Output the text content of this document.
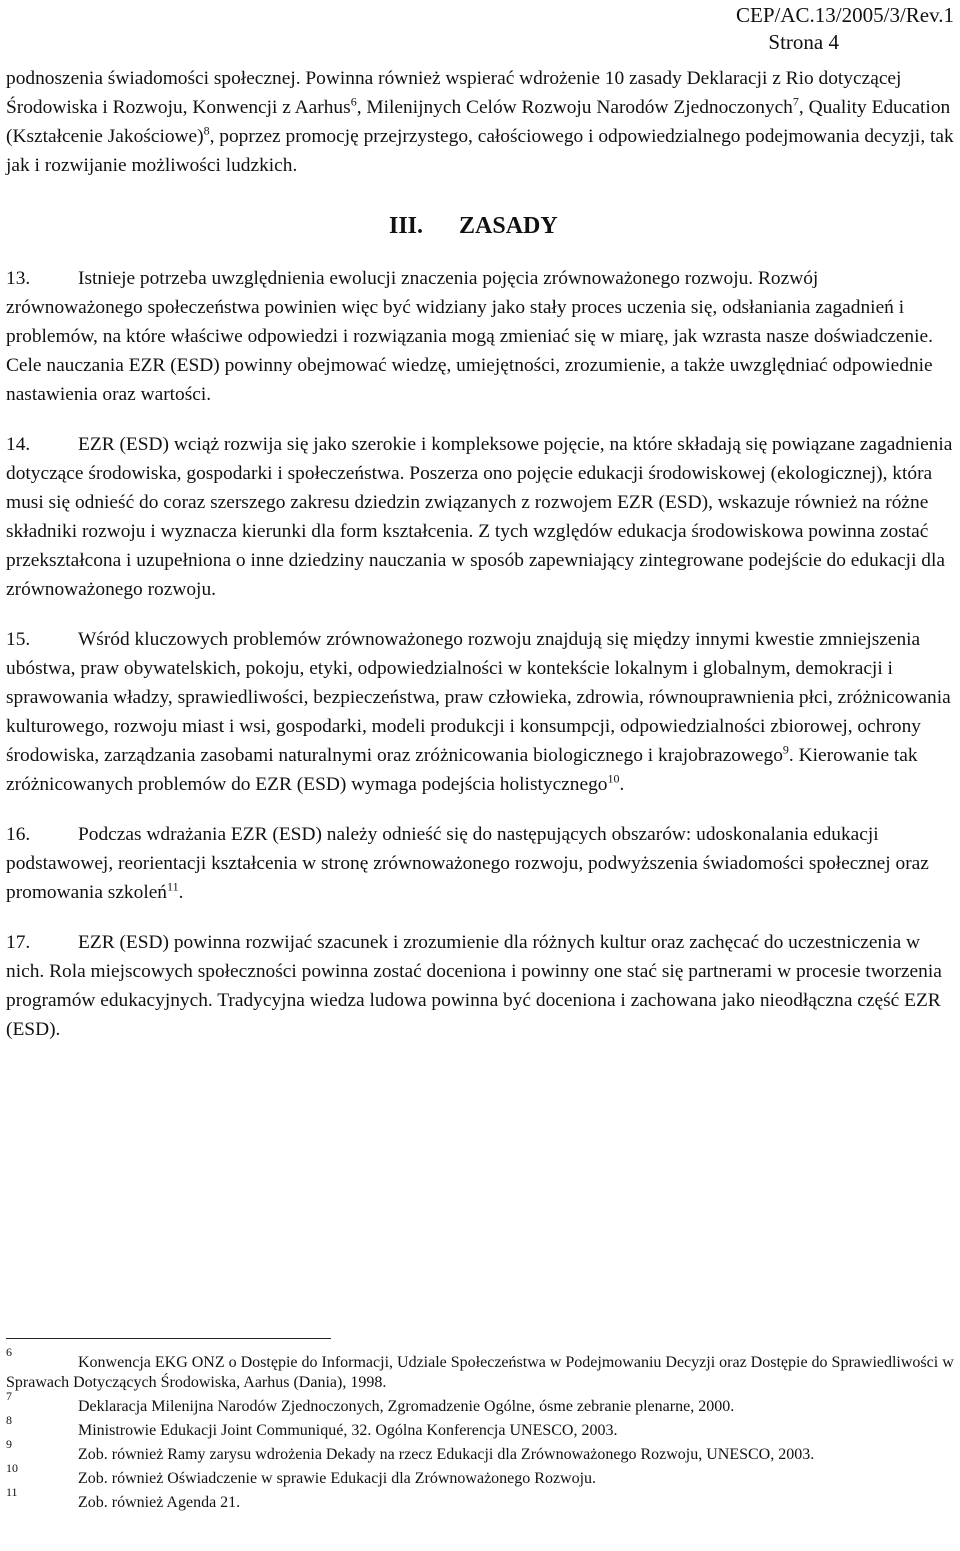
CEP/AC.13/2005/3/Rev.1
Strona 4

podnoszenia świadomości społecznej. Powinna również wspierać wdrożenie 10 zasady Deklaracji z Rio dotyczącej Środowiska i Rozwoju, Konwencji z Aarhus$^6$, Milenijnych Celów Rozwoju Narodów Zjednoczonych$^7$, Quality Education (Kształcenie Jakościowe)$^8$, poprzez promocję przejrzystego, całościowego i odpowiedzialnego podejmowania decyzji, tak jak i rozwijanie możliwości ludzkich.

III. ZASADY

13. Istnieje potrzeba uwzględnienia ewolucji znaczenia pojęcia zrównoważonego rozwoju. Rozwój zrównoważonego społeczeństwa powinien więc być widziany jako stały proces uczenia się, odsłaniania zagadnień i problemów, na które właściwe odpowiedzi i rozwiązania mogą zmieniać się w miarę, jak wzrasta nasze doświadczenie. Cele nauczania EZR (ESD) powinny obejmować wiedzę, umiejętności, zrozumienie, a także uwzględniać odpowiednie nastawienia oraz wartości.

14. EZR (ESD) wciąż rozwija się jako szerokie i kompleksowe pojęcie, na które składają się powiązane zagadnienia dotyczące środowiska, gospodarki i społeczeństwa. Poszerza ono pojęcie edukacji środowiskowej (ekologicznej), która musi się odnieść do coraz szerszego zakresu dziedzin związanych z rozwojem EZR (ESD), wskazuje również na różne składniki rozwoju i wyznacza kierunki dla form kształcenia. Z tych względów edukacja środowiskowa powinna zostać przekształcona i uzupełniona o inne dziedziny nauczania w sposób zapewniający zintegrowane podejście do edukacji dla zrównoważonego rozwoju.

15. Wśród kluczowych problemów zrównoważonego rozwoju znajdują się między innymi kwestie zmniejszenia ubóstwa, praw obywatelskich, pokoju, etyki, odpowiedzialności w kontekście lokalnym i globalnym, demokracji i sprawowania władzy, sprawiedliwości, bezpieczeństwa, praw człowieka, zdrowia, równouprawnienia płci, zróżnicowania kulturowego, rozwoju miast i wsi, gospodarki, modeli produkcji i konsumpcji, odpowiedzialności zbiorowej, ochrony środowiska, zarządzania zasobami naturalnymi oraz zróżnicowania biologicznego i krajobrazowego$^9$. Kierowanie tak zróżnicowanych problemów do EZR (ESD) wymaga podejścia holistycznego$^{10}$.

16. Podczas wdrażania EZR (ESD) należy odnieść się do następujących obszarów: udoskonalania edukacji podstawowej, reorientacji kształcenia w stronę zrównoważonego rozwoju, podwyższenia świadomości społecznej oraz promowania szkoleń$^{11}$.

17. EZR (ESD) powinna rozwijać szacunek i zrozumienie dla różnych kultur oraz zachęcać do uczestniczenia w nich. Rola miejscowych społeczności powinna zostać doceniona i powinny one stać się partnerami w procesie tworzenia programów edukacyjnych. Tradycyjna wiedza ludowa powinna być doceniona i zachowana jako nieodłączna część EZR (ESD).

6
Konwencja EKG ONZ o Dostępie do Informacji, Udziale Społeczeństwa w Podejmowaniu Decyzji oraz Dostępie do Sprawiedliwości w Sprawach Dotyczących Środowiska, Aarhus (Dania), 1998.

7
Deklaracja Milenijna Narodów Zjednoczonych, Zgromadzenie Ogólne, ósme zebranie plenarne, 2000.

8
Ministrowie Edukacji Joint Communiqué, 32. Ogólna Konferencja UNESCO, 2003.

9
Zob. również Ramy zarysu wdrożenia Dekady na rzecz Edukacji dla Zrównoważonego Rozwoju, UNESCO, 2003.

10
Zob. również Oświadczenie w sprawie Edukacji dla Zrównoważonego Rozwoju.

11
Zob. również Agenda 21.
